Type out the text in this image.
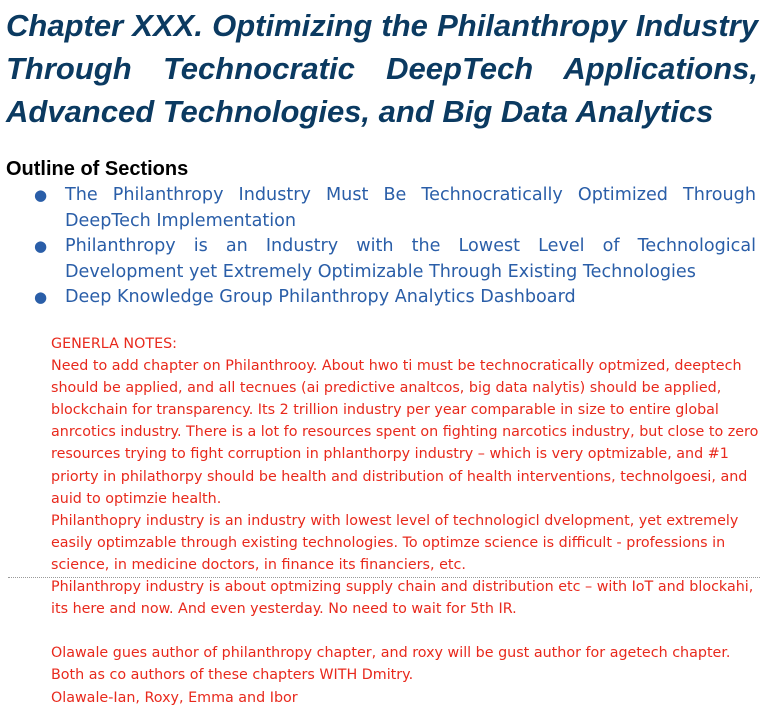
Chapter XXX. Optimizing the Philanthropy Industry Through Technocratic DeepTech Applications, Advanced Technologies, and Big Data Analytics
Outline of Sections
● The Philanthropy Industry Must Be Technocratically Optimized Through DeepTech Implementation
● Philanthropy is an Industry with the Lowest Level of Technological Development yet Extremely Optimizable Through Existing Technologies
● Deep Knowledge Group Philanthropy Analytics Dashboard

GENERLA NOTES:

Need to add chapter on Philanthrooy. About hwo ti must be technocratically optmized, deeptech should be applied, and all tecnues (ai predictive analtcos, big data nalytis) should be applied, blockchain for transparency. Its 2 trillion industry per year comparable in size to entire global anrcotics industry. There is a lot fo resources spent on fighting narcotics industry, but close to zero resources trying to fight corruption in phlanthorpy industry – which is very optmizable, and #1 priorty in philathorpy should be health and distribution of health interventions, technolgoesi, and auid to optimzie health.

Philanthopry industry is an industry with lowest level of technologicl dvelopment, yet extremely easily optimzable through existing technologies. To optimze science is difficult - professions in science, in medicine doctors, in finance its financiers, etc.

Philanthropy industry is about optmizing supply chain and distribution etc – with IoT and blockahi, its here and now. And even yesterday. No need to wait for 5th IR.

Olawale gues author of philanthropy chapter, and roxy will be gust author for agetech chapter. Both as co authors of these chapters WITH Dmitry.

Olawale-Ian, Roxy, Emma and Ibor
